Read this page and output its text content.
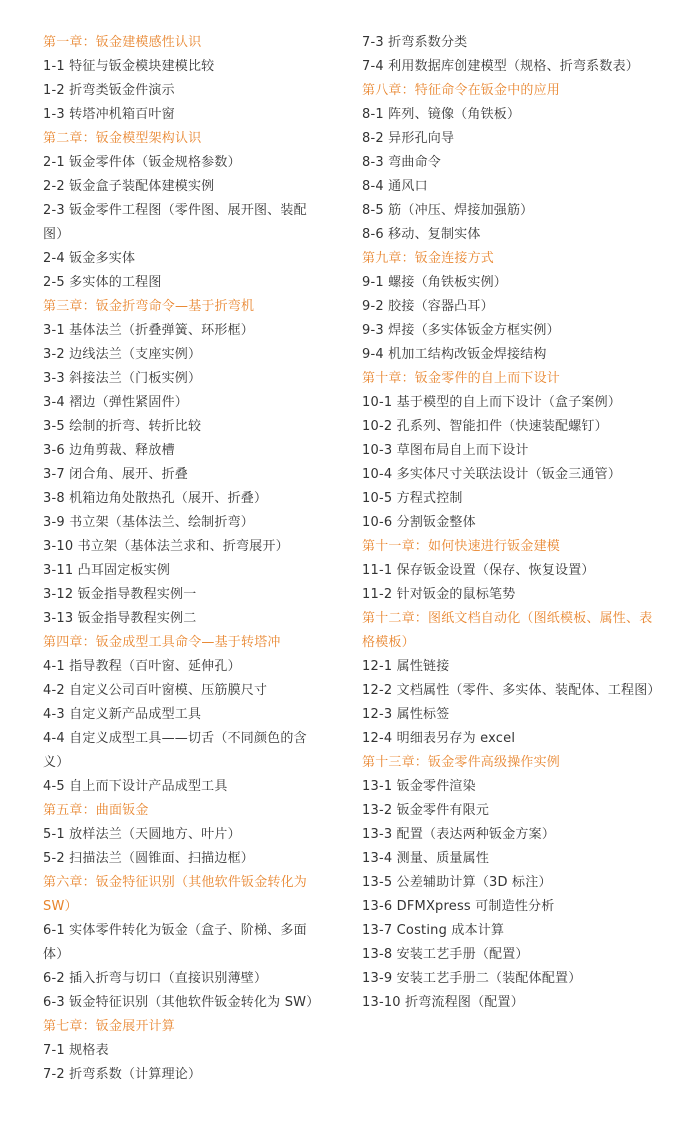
第一章：钣金建模感性认识
1-1 特征与钣金模块建模比较
1-2 折弯类钣金件演示
1-3 转塔冲机箱百叶窗
第二章：钣金模型架构认识
2-1 钣金零件体（钣金规格参数）
2-2 钣金盒子装配体建模实例
2-3 钣金零件工程图（零件图、展开图、装配图）
2-4 钣金多实体
2-5 多实体的工程图
第三章：钣金折弯命令—基于折弯机
3-1 基体法兰（折叠弹簧、环形框）
3-2 边线法兰（支座实例）
3-3 斜接法兰（门板实例）
3-4 褶边（弹性紧固件）
3-5 绘制的折弯、转折比较
3-6 边角剪裁、释放槽
3-7 闭合角、展开、折叠
3-8 机箱边角处散热孔（展开、折叠）
3-9 书立架（基体法兰、绘制折弯）
3-10 书立架（基体法兰求和、折弯展开）
3-11 凸耳固定板实例
3-12 钣金指导教程实例一
3-13 钣金指导教程实例二
第四章：钣金成型工具命令—基于转塔冲
4-1 指导教程（百叶窗、延伸孔）
4-2 自定义公司百叶窗模、压筋膜尺寸
4-3 自定义新产品成型工具
4-4 自定义成型工具——切舌（不同颜色的含义）
4-5 自上而下设计产品成型工具
第五章：曲面钣金
5-1 放样法兰（天圆地方、叶片）
5-2 扫描法兰（圆锥面、扫描边框）
第六章：钣金特征识别（其他软件钣金转化为 SW）
6-1 实体零件转化为钣金（盒子、阶梯、多面体）
6-2 插入折弯与切口（直接识别薄壁）
6-3 钣金特征识别（其他软件钣金转化为 SW）
第七章：钣金展开计算
7-1 规格表
7-2 折弯系数（计算理论）
7-3 折弯系数分类
7-4 利用数据库创建模型（规格、折弯系数表）
第八章：特征命令在钣金中的应用
8-1 阵列、镜像（角铁板）
8-2 异形孔向导
8-3 弯曲命令
8-4 通风口
8-5 筋（冲压、焊接加强筋）
8-6 移动、复制实体
第九章：钣金连接方式
9-1 螺接（角铁板实例）
9-2 胶接（容器凸耳）
9-3 焊接（多实体钣金方框实例）
9-4 机加工结构改钣金焊接结构
第十章：钣金零件的自上而下设计
10-1 基于模型的自上而下设计（盒子案例）
10-2 孔系列、智能扣件（快速装配螺钉）
10-3 草图布局自上而下设计
10-4 多实体尺寸关联法设计（钣金三通管）
10-5 方程式控制
10-6 分割钣金整体
第十一章：如何快速进行钣金建模
11-1 保存钣金设置（保存、恢复设置）
11-2 针对钣金的鼠标笔势
第十二章：图纸文档自动化（图纸模板、属性、表格模板）
12-1 属性链接
12-2 文档属性（零件、多实体、装配体、工程图）
12-3 属性标签
12-4 明细表另存为 excel
第十三章：钣金零件高级操作实例
13-1 钣金零件渲染
13-2 钣金零件有限元
13-3 配置（表达两种钣金方案）
13-4 测量、质量属性
13-5 公差辅助计算（3D 标注）
13-6 DFMXpress 可制造性分析
13-7 Costing 成本计算
13-8 安装工艺手册（配置）
13-9 安装工艺手册二（装配体配置）
13-10 折弯流程图（配置）
